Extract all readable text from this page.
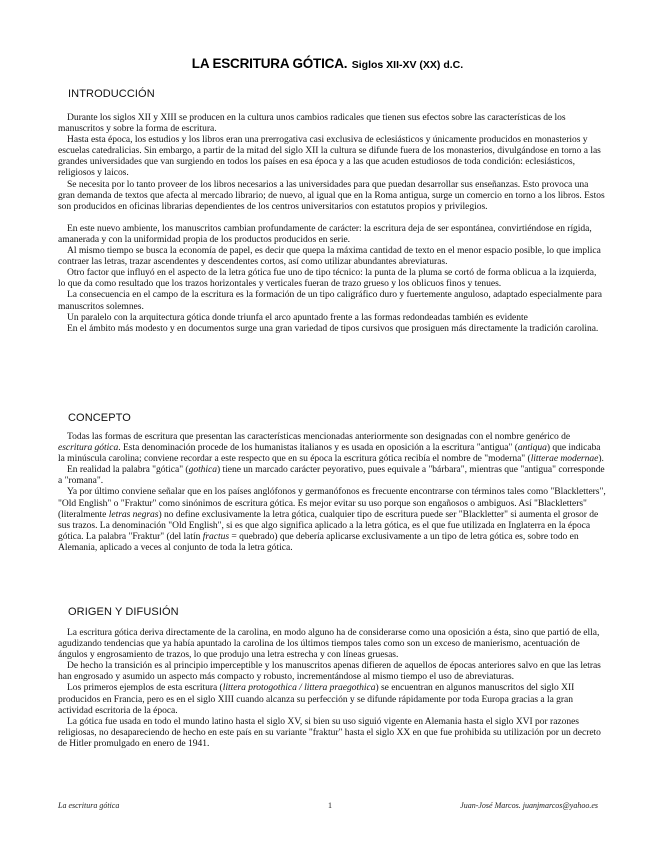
LA ESCRITURA GÓTICA. Siglos XII-XV (XX) d.C.
INTRODUCCIÓN

Durante los siglos XII y XIII se producen en la cultura unos cambios radicales que tienen sus efectos sobre las características de los manuscritos y sobre la forma de escritura.

Hasta esta época, los estudios y los libros eran una prerrogativa casi exclusiva de eclesiásticos y únicamente producidos en monasterios y escuelas catedralicias. Sin embargo, a partir de la mitad del siglo XII la cultura se difunde fuera de los monasterios, divulgándose en torno a las grandes universidades que van surgiendo en todos los países en esa época y a las que acuden estudiosos de toda condición: eclesiásticos, religiosos y laicos.

Se necesita por lo tanto proveer de los libros necesarios a las universidades para que puedan desarrollar sus enseñanzas. Esto provoca una gran demanda de textos que afecta al mercado librario; de nuevo, al igual que en la Roma antigua, surge un comercio en torno a los libros. Estos son producidos en oficinas librarias dependientes de los centros universitarios con estatutos propios y privilegios.

En este nuevo ambiente, los manuscritos cambian profundamente de carácter: la escritura deja de ser espontánea, convirtiéndose en rígida, amanerada y con la uniformidad propia de los productos producidos en serie.

Al mismo tiempo se busca la economía de papel, es decir que quepa la máxima cantidad de texto en el menor espacio posible, lo que implica contraer las letras, trazar ascendentes y descendentes cortos, así como utilizar abundantes abreviaturas.

Otro factor que influyó en el aspecto de la letra gótica fue uno de tipo técnico: la punta de la pluma se cortó de forma oblicua a la izquierda, lo que da como resultado que los trazos horizontales y verticales fueran de trazo grueso y los oblicuos finos y tenues.

La consecuencia en el campo de la escritura es la formación de un tipo caligráfico duro y fuertemente anguloso, adaptado especialmente para manuscritos solemnes.

Un paralelo con la arquitectura gótica donde triunfa el arco apuntado frente a las formas redondeadas también es evidente

En el ámbito más modesto y en documentos surge una gran variedad de tipos cursivos que prosiguen más directamente la tradición carolina.

CONCEPTO

Todas las formas de escritura que presentan las características mencionadas anteriormente son designadas con el nombre genérico de escritura gótica. Esta denominación procede de los humanistas italianos y es usada en oposición a la escritura "antigua" (antiqua) que indicaba la minúscula carolina; conviene recordar a este respecto que en su época la escritura gótica recibía el nombre de "moderna" (litterae modernae).

En realidad la palabra "gótica" (gothica) tiene un marcado carácter peyorativo, pues equivale a "bárbara", mientras que "antigua" corresponde a "romana".

Ya por último conviene señalar que en los países anglófonos y germanófonos es frecuente encontrarse con términos tales como "Blackletters", "Old English" o "Fraktur" como sinónimos de escritura gótica. Es mejor evitar su uso porque son engañosos o ambiguos. Así "Blackletters" (literalmente letras negras) no define exclusivamente la letra gótica, cualquier tipo de escritura puede ser "Blackletter" si aumenta el grosor de sus trazos. La denominación "Old English", si es que algo significa aplicado a la letra gótica, es el que fue utilizada en Inglaterra en la época gótica. La palabra "Fraktur" (del latín fractus = quebrado) que debería aplicarse exclusivamente a un tipo de letra gótica es, sobre todo en Alemania, aplicado a veces al conjunto de toda la letra gótica.

ORIGEN Y DIFUSIÓN

La escritura gótica deriva directamente de la carolina, en modo alguno ha de considerarse como una oposición a ésta, sino que partió de ella, agudizando tendencias que ya había apuntado la carolina de los últimos tiempos tales como son un exceso de manierismo, acentuación de ángulos y engrosamiento de trazos, lo que produjo una letra estrecha y con líneas gruesas.

De hecho la transición es al principio imperceptible y los manuscritos apenas difieren de aquellos de épocas anteriores salvo en que las letras han engrosado y asumido un aspecto más compacto y robusto, incrementándose al mismo tiempo el uso de abreviaturas.

Los primeros ejemplos de esta escritura (littera protogothica / littera praegothica) se encuentran en algunos manuscritos del siglo XII producidos en Francia, pero es en el siglo XIII cuando alcanza su perfección y se difunde rápidamente por toda Europa gracias a la gran actividad escritoria de la época.

La gótica fue usada en todo el mundo latino hasta el siglo XV, si bien su uso siguió vigente en Alemania hasta el siglo XVI por razones religiosas, no desapareciendo de hecho en este país en su variante "fraktur" hasta el siglo XX en que fue prohibida su utilización por un decreto de Hitler promulgado en enero de 1941.

La escritura gótica	1	Juan-José Marcos. juanjmarcos@yahoo.es
